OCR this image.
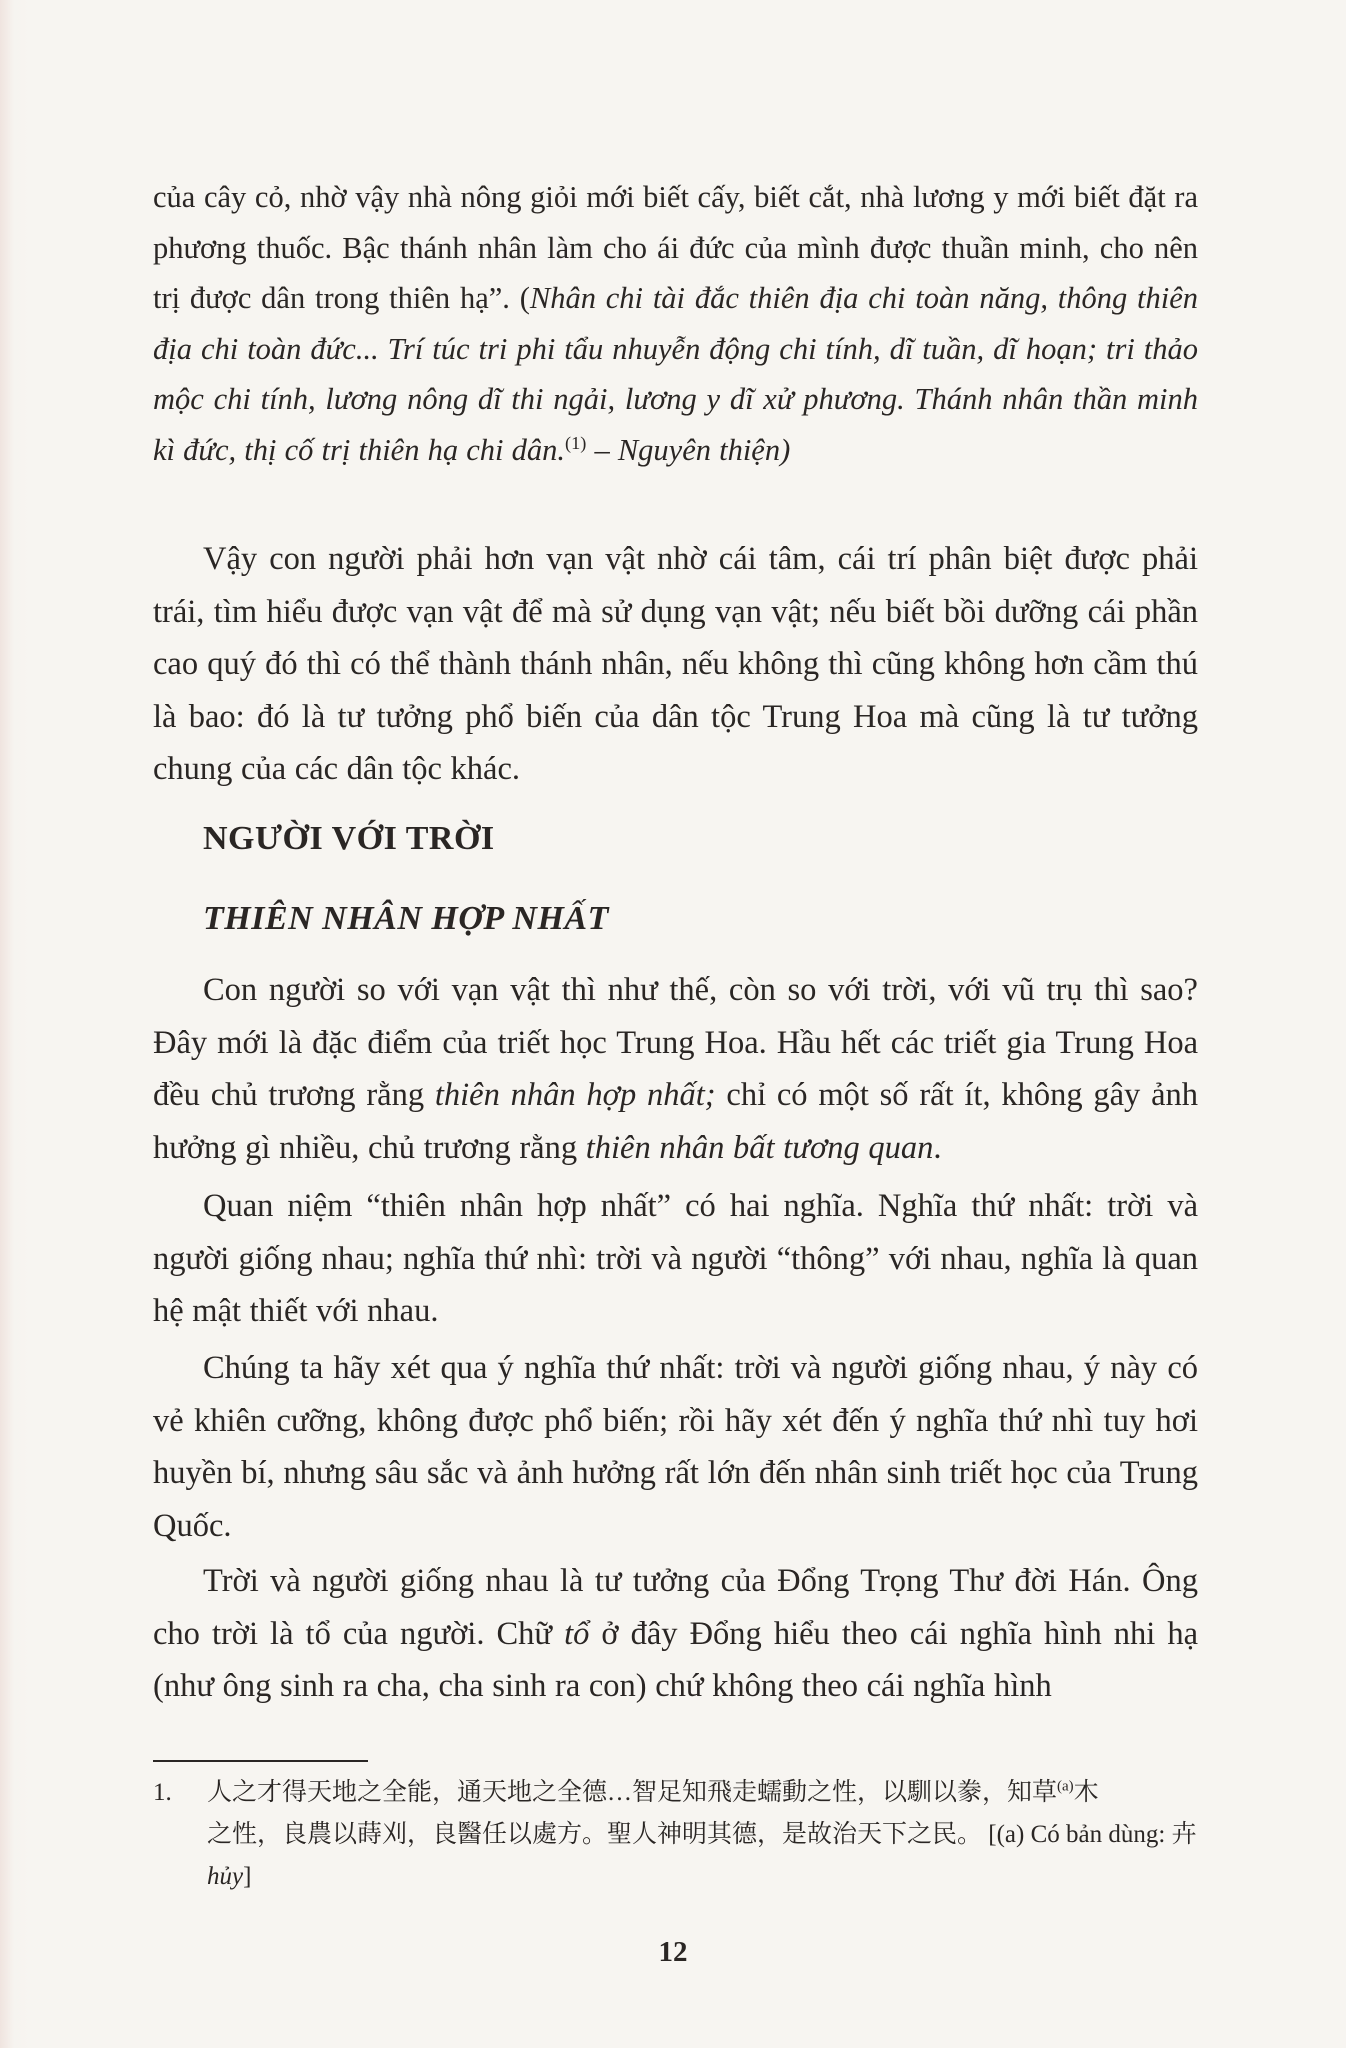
của cây cỏ, nhờ vậy nhà nông giỏi mới biết cấy, biết cắt, nhà lương y mới biết đặt ra phương thuốc. Bậc thánh nhân làm cho ái đức của mình được thuần minh, cho nên trị được dân trong thiên hạ”. (Nhân chi tài đắc thiên địa chi toàn năng, thông thiên địa chi toàn đức... Trí túc tri phi tẩu nhuyễn động chi tính, dĩ tuần, dĩ hoạn; tri thảo mộc chi tính, lương nông dĩ thi ngải, lương y dĩ xử phương. Thánh nhân thần minh kì đức, thị cố trị thiên hạ chi dân.$^{(1)}$ – Nguyên thiện)

Vậy con người phải hơn vạn vật nhờ cái tâm, cái trí phân biệt được phải trái, tìm hiểu được vạn vật để mà sử dụng vạn vật; nếu biết bồi dưỡng cái phần cao quý đó thì có thể thành thánh nhân, nếu không thì cũng không hơn cầm thú là bao: đó là tư tưởng phổ biến của dân tộc Trung Hoa mà cũng là tư tưởng chung của các dân tộc khác.

NGƯỜI VỚI TRỜI
THIÊN NHÂN HỢP NHẤT

Con người so với vạn vật thì như thế, còn so với trời, với vũ trụ thì sao? Đây mới là đặc điểm của triết học Trung Hoa. Hầu hết các triết gia Trung Hoa đều chủ trương rằng thiên nhân hợp nhất; chỉ có một số rất ít, không gây ảnh hưởng gì nhiều, chủ trương rằng thiên nhân bất tương quan.

Quan niệm “thiên nhân hợp nhất” có hai nghĩa. Nghĩa thứ nhất: trời và người giống nhau; nghĩa thứ nhì: trời và người “thông” với nhau, nghĩa là quan hệ mật thiết với nhau.

Chúng ta hãy xét qua ý nghĩa thứ nhất: trời và người giống nhau, ý này có vẻ khiên cưỡng, không được phổ biến; rồi hãy xét đến ý nghĩa thứ nhì tuy hơi huyền bí, nhưng sâu sắc và ảnh hưởng rất lớn đến nhân sinh triết học của Trung Quốc.

Trời và người giống nhau là tư tưởng của Đổng Trọng Thư đời Hán. Ông cho trời là tổ của người. Chữ tổ ở đây Đổng hiểu theo cái nghĩa hình nhi hạ (như ông sinh ra cha, cha sinh ra con) chứ không theo cái nghĩa hình

1. 人之才得天地之全能，通天地之全德…智足知飛走蠕動之性，以馴以豢，知草$^{(a)}$木
之性，良農以蒔刈，良醫任以處方。聖人神明其德，是故治天下之民。 [(a) Có bản dùng: 卉 hủy]

12
